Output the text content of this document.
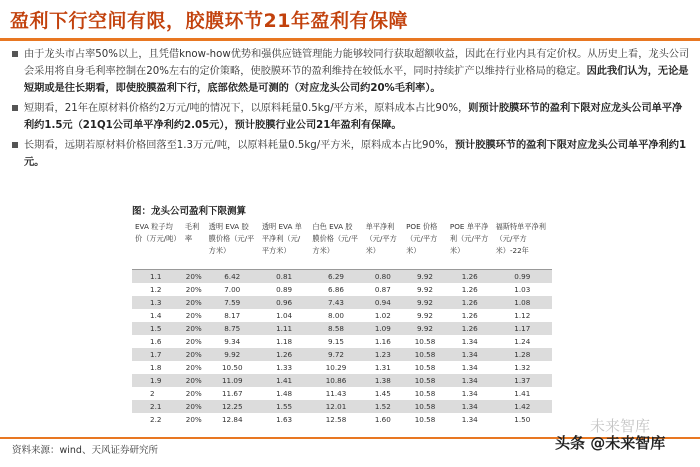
盈利下行空间有限，胶膜环节21年盈利有保障
由于龙头市占率50%以上，且凭借know-how优势和强供应链管理能力能够较同行获取超额收益，因此在行业内具有定价权。从历史上看，龙头公司会采用将自身毛利率控制在20%左右的定价策略，使胶膜环节的盈利维持在较低水平，同时持续扩产以维持行业格局的稳定。因此我们认为，无论是短期或是往长期看，即使胶膜盈利下行，底部依然是可测的（对应龙头公司约20%毛利率）。
短期看，21年在原材料价格约2万元/吨的情况下，以原料耗量0.5kg/平方米，原料成本占比90%，则预计胶膜环节的盈利下限对应龙头公司单平净利约1.5元（21Q1公司单平净利约2.05元），预计胶膜行业公司21年盈利有保障。
长期看，远期若原材料价格回落至1.3万元/吨，以原料耗量0.5kg/平方米，原料成本占比90%，预计胶膜环节的盈利下限对应龙头公司单平净利约1元。
图：龙头公司盈利下限测算
EVA 粒子均价（万元/吨）	毛利率	透明 EVA 胶膜价格（元/平方米）	透明 EVA 单平净利（元/平方米）	白色 EVA 胶膜价格（元/平方米）	单平净利（元/平方米）	POE 价格（元/平方米）	POE 单平净利（元/平方米）	福斯特单平净利（元/平方米）-22年
1.1	20%	6.42	0.81	6.29	0.80	9.92	1.26	0.99
1.2	20%	7.00	0.89	6.86	0.87	9.92	1.26	1.03
1.3	20%	7.59	0.96	7.43	0.94	9.92	1.26	1.08
1.4	20%	8.17	1.04	8.00	1.02	9.92	1.26	1.12
1.5	20%	8.75	1.11	8.58	1.09	9.92	1.26	1.17
1.6	20%	9.34	1.18	9.15	1.16	10.58	1.34	1.24
1.7	20%	9.92	1.26	9.72	1.23	10.58	1.34	1.28
1.8	20%	10.50	1.33	10.29	1.31	10.58	1.34	1.32
1.9	20%	11.09	1.41	10.86	1.38	10.58	1.34	1.37
2	20%	11.67	1.48	11.43	1.45	10.58	1.34	1.41
2.1	20%	12.25	1.55	12.01	1.52	10.58	1.34	1.42
2.2	20%	12.84	1.63	12.58	1.60	10.58	1.34	1.50
资料来源：wind、天风证券研究所
未来智库
头条 @未来智库
